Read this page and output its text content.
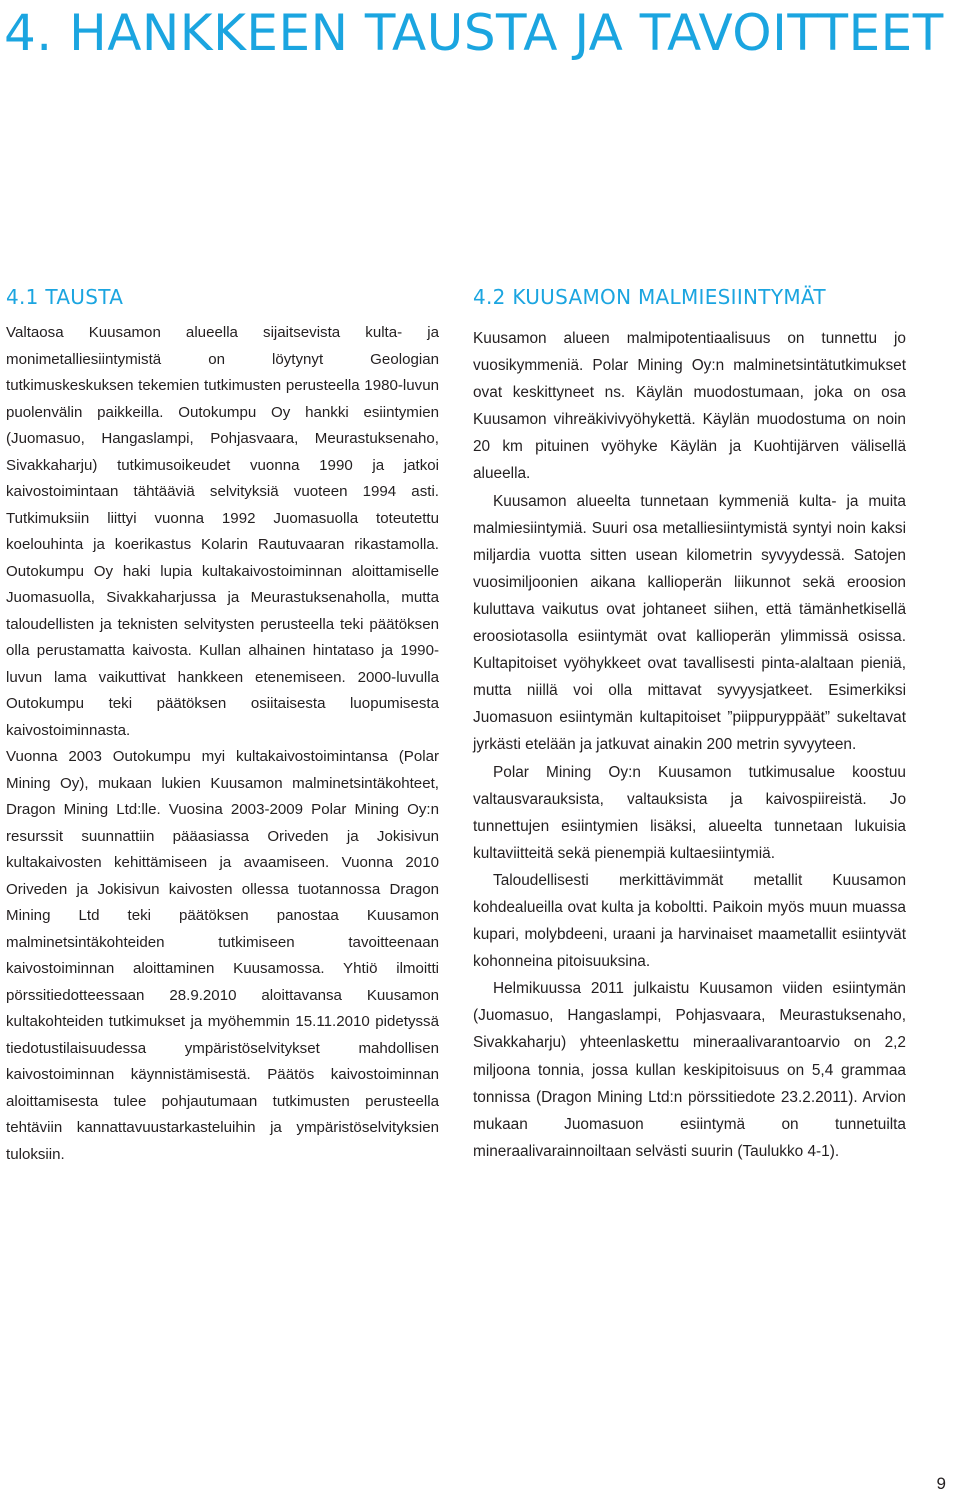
4. HANKKEEN TAUSTA JA TAVOITTEET
4.1 TAUSTA

Valtaosa Kuusamon alueella sijaitsevista kulta- ja monimetalliesiintymistä on löytynyt Geologian tutkimuskeskuksen tekemien tutkimusten perusteella 1980-luvun puolenvälin paikkeilla. Outokumpu Oy hankki esiintymien (Juomasuo, Hangaslampi, Pohjasvaara, Meurastuksenaho, Sivakkaharju) tutkimusoikeudet vuonna 1990 ja jatkoi kaivostoimintaan tähtääviä selvityksiä vuoteen 1994 asti. Tutkimuksiin liittyi vuonna 1992 Juomasuolla toteutettu koelouhinta ja koerikastus Kolarin Rautuvaaran rikastamolla. Outokumpu Oy haki lupia kultakaivostoiminnan aloittamiselle Juomasuolla, Sivakkaharjussa ja Meurastuksenaholla, mutta taloudellisten ja teknisten selvitysten perusteella teki päätöksen olla perustamatta kaivosta. Kullan alhainen hintataso ja 1990-luvun lama vaikuttivat hankkeen etenemiseen. 2000-luvulla Outokumpu teki päätöksen osiitaisesta luopumisesta kaivostoiminnasta.

Vuonna 2003 Outokumpu myi kultakaivostoimintansa (Polar Mining Oy), mukaan lukien Kuusamon malminetsintäkohteet, Dragon Mining Ltd:lle. Vuosina 2003-2009 Polar Mining Oy:n resurssit suunnattiin pääasiassa Oriveden ja Jokisivun kultakaivosten kehittämiseen ja avaamiseen. Vuonna 2010 Oriveden ja Jokisivun kaivosten ollessa tuotannossa Dragon Mining Ltd teki päätöksen panostaa Kuusamon malminetsintäkohteiden tutkimiseen tavoitteenaan kaivostoiminnan aloittaminen Kuusamossa. Yhtiö ilmoitti pörssitiedotteessaan 28.9.2010 aloittavansa Kuusamon kultakohteiden tutkimukset ja myöhemmin 15.11.2010 pidetyssä tiedotustilaisuudessa ympäristöselvitykset mahdollisen kaivostoiminnan käynnistämisestä. Päätös kaivostoiminnan aloittamisesta tulee pohjautumaan tutkimusten perusteella tehtäviin kannattavuustarkasteluihin ja ympäristöselvityksien tuloksiin.

4.2 KUUSAMON MALMIESIINTYMÄT

Kuusamon alueen malmipotentiaalisuus on tunnettu jo vuosikymmeniä. Polar Mining Oy:n malminetsintätutkimukset ovat keskittyneet ns. Käylän muodostumaan, joka on osa Kuusamon vihreäkivivyöhykettä. Käylän muodostuma on noin 20 km pituinen vyöhyke Käylän ja Kuohtijärven välisellä alueella.

Kuusamon alueelta tunnetaan kymmeniä kulta- ja muita malmiesiintymiä. Suuri osa metalliesiintymistä syntyi noin kaksi miljardia vuotta sitten usean kilometrin syvyydessä. Satojen vuosimiljoonien aikana kallioperän liikunnot sekä eroosion kuluttava vaikutus ovat johtaneet siihen, että tämänhetkisellä eroosiotasolla esiintymät ovat kallioperän ylimmissä osissa. Kultapitoiset vyöhykkeet ovat tavallisesti pinta-alaltaan pieniä, mutta niillä voi olla mittavat syvyysjatkeet. Esimerkiksi Juomasuon esiintymän kultapitoiset ”piippuryppäät” sukeltavat jyrkästi etelään ja jatkuvat ainakin 200 metrin syvyyteen.

Polar Mining Oy:n Kuusamon tutkimusalue koostuu valtausvarauksista, valtauksista ja kaivospiireistä. Jo tunnettujen esiintymien lisäksi, alueelta tunnetaan lukuisia kultaviitteitä sekä pienempiä kultaesiintymiä.

Taloudellisesti merkittävimmät metallit Kuusamon kohdealueilla ovat kulta ja koboltti. Paikoin myös muun muassa kupari, molybdeeni, uraani ja harvinaiset maametallit esiintyvät kohonneina pitoisuuksina.

Helmikuussa 2011 julkaistu Kuusamon viiden esiintymän (Juomasuo, Hangaslampi, Pohjasvaara, Meurastuksenaho, Sivakkaharju) yhteenlaskettu mineraalivarantoarvio on 2,2 miljoona tonnia, jossa kullan keskipitoisuus on 5,4 grammaa tonnissa (Dragon Mining Ltd:n pörssitiedote 23.2.2011). Arvion mukaan Juomasuon esiintymä on tunnetuilta mineraalivarainnoiltaan selvästi suurin (Taulukko 4-1).

9
